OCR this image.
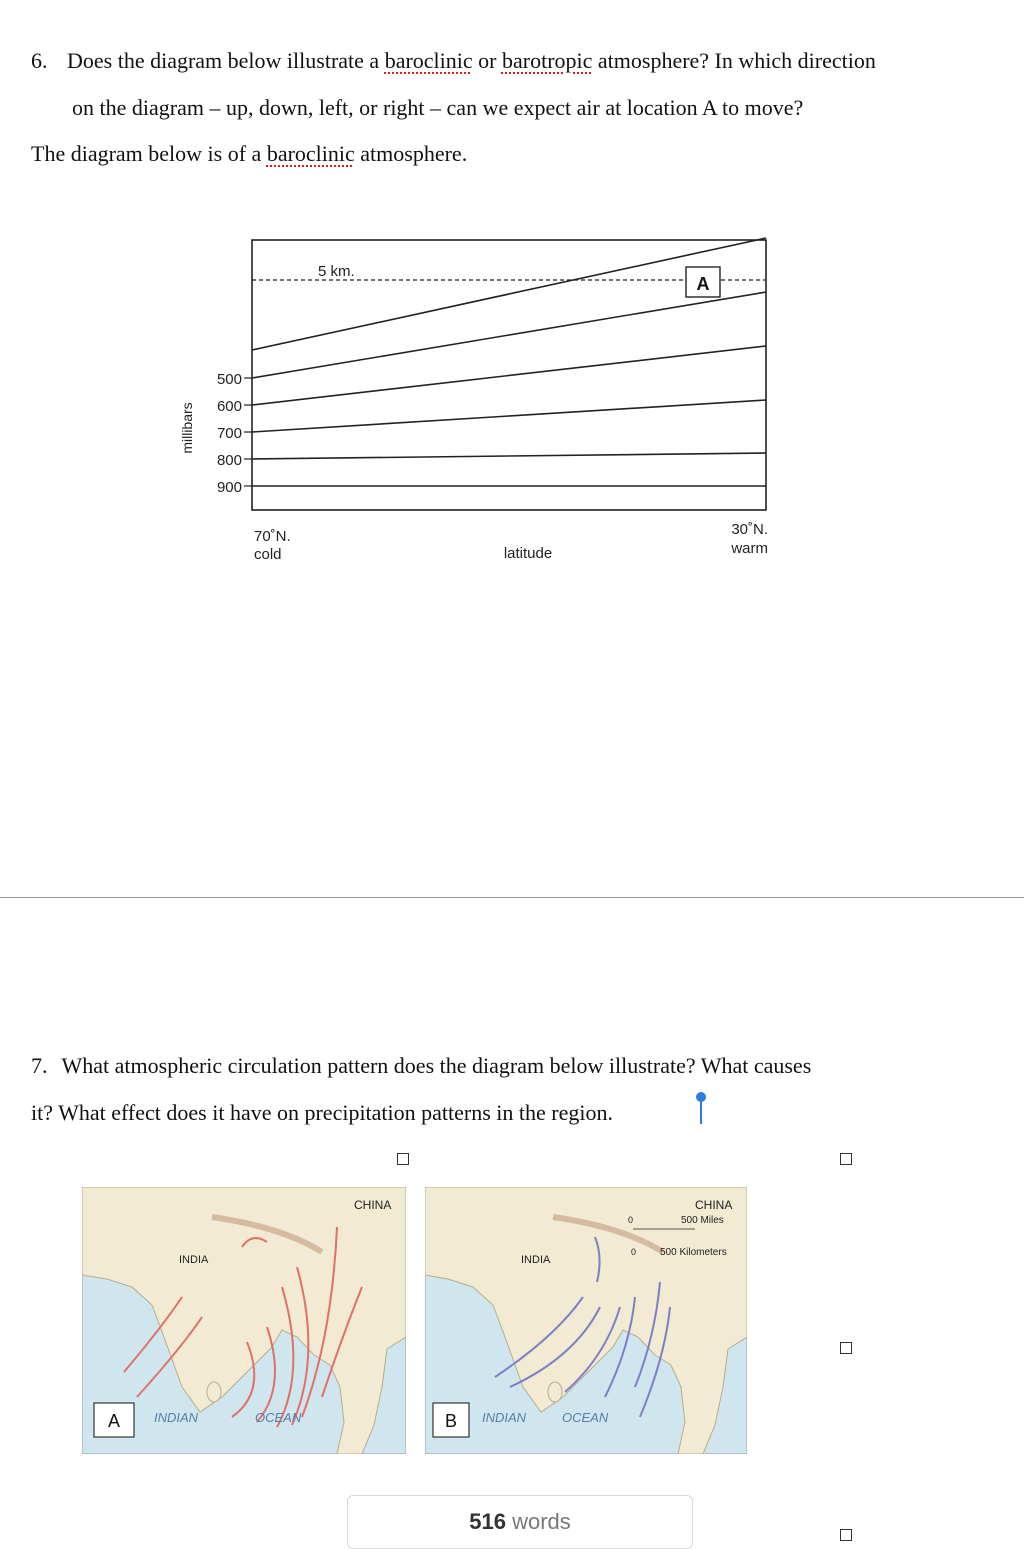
6. Does the diagram below illustrate a baroclinic or barotropic atmosphere? In which direction
on the diagram – up, down, left, or right – can we expect air at location A to move?
The diagram below is of a baroclinic atmosphere.
5 km.
A
500
600
700
800
900
millibars
70˚N.
cold
30˚N.
warm
latitude
7. What atmospheric circulation pattern does the diagram below illustrate? What causes
it? What effect does it have on precipitation patterns in the region.
CHINA
INDIA
INDIAN	OCEAN
A
CHINA
500 Miles
0
0 500 Kilometers
INDIA
INDIAN	OCEAN
B
516 words
